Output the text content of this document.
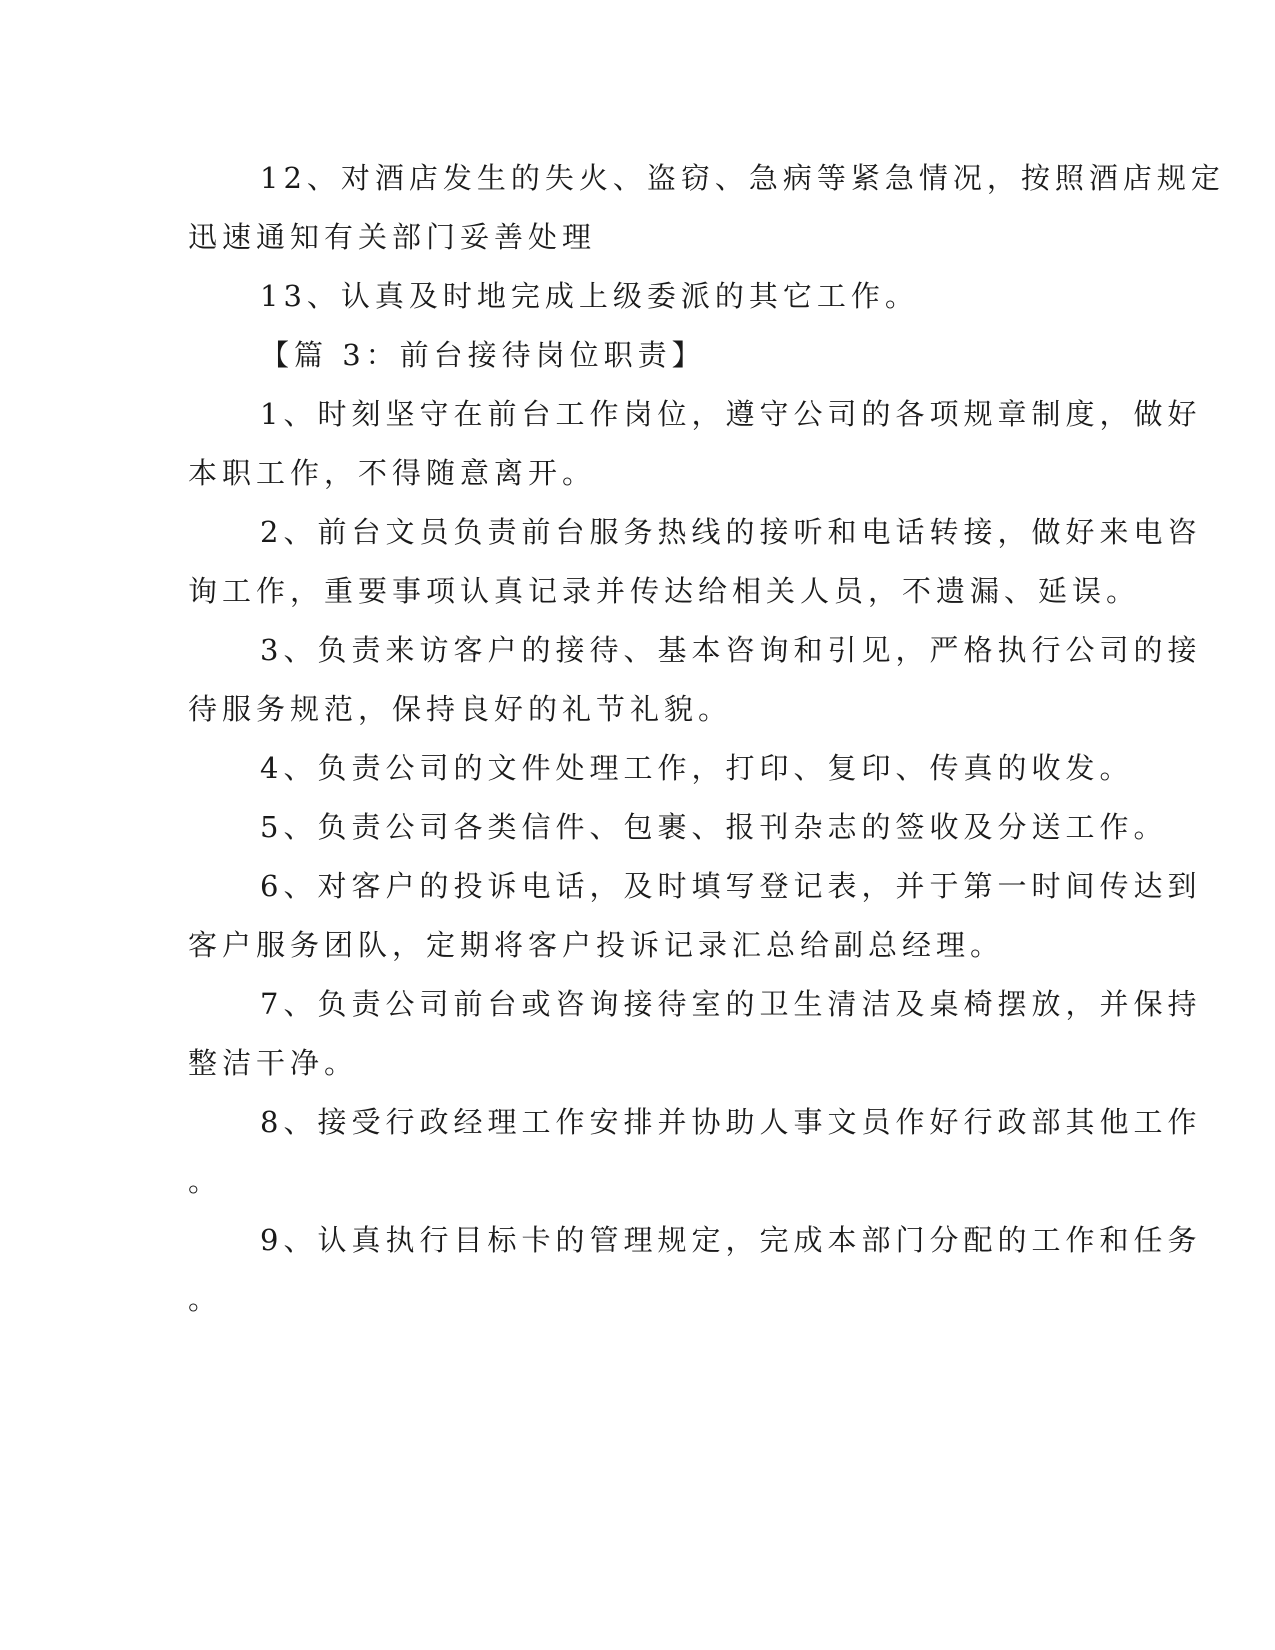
12、对酒店发生的失火、盗窃、急病等紧急情况，按照酒店规定
迅速通知有关部门妥善处理
13、认真及时地完成上级委派的其它工作。
【篇 3：前台接待岗位职责】
1、时刻坚守在前台工作岗位，遵守公司的各项规章制度，做好
本职工作，不得随意离开。
2、前台文员负责前台服务热线的接听和电话转接，做好来电咨
询工作，重要事项认真记录并传达给相关人员，不遗漏、延误。
3、负责来访客户的接待、基本咨询和引见，严格执行公司的接
待服务规范，保持良好的礼节礼貌。
4、负责公司的文件处理工作，打印、复印、传真的收发。
5、负责公司各类信件、包裹、报刊杂志的签收及分送工作。
6、对客户的投诉电话，及时填写登记表，并于第一时间传达到
客户服务团队，定期将客户投诉记录汇总给副总经理。
7、负责公司前台或咨询接待室的卫生清洁及桌椅摆放，并保持
整洁干净。
8、接受行政经理工作安排并协助人事文员作好行政部其他工作
。
9、认真执行目标卡的管理规定，完成本部门分配的工作和任务
。
